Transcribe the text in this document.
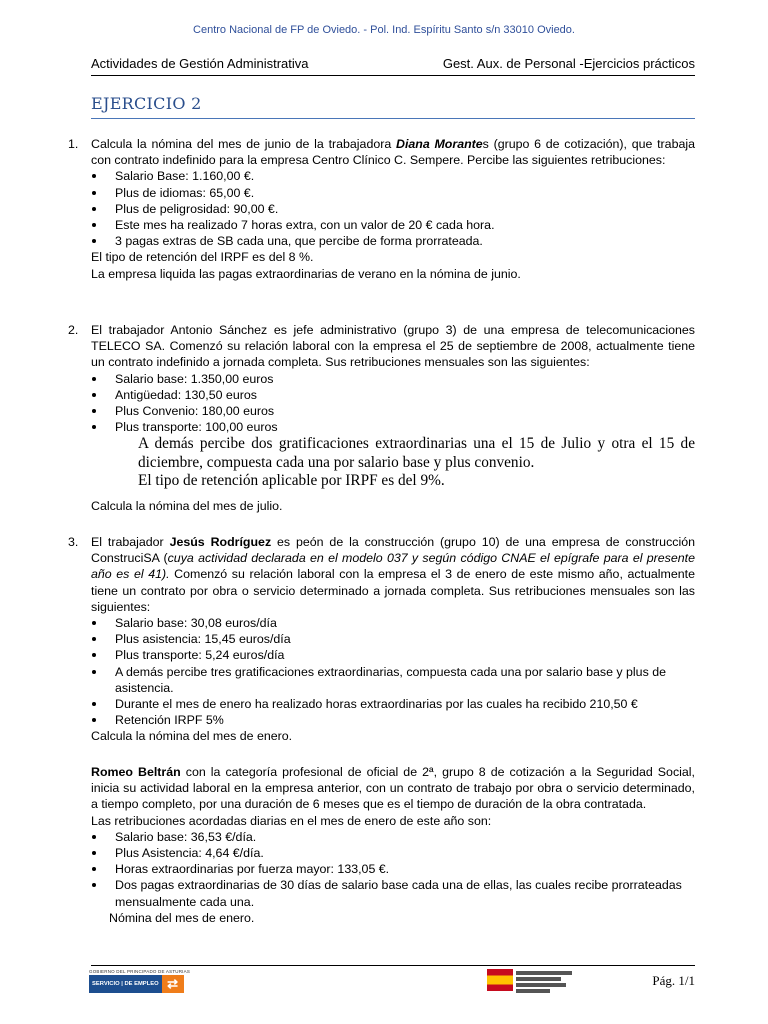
Centro Nacional de FP de Oviedo. - Pol. Ind. Espíritu Santo s/n 33010 Oviedo.
Actividades de Gestión Administrativa	Gest. Aux. de Personal -Ejercicios prácticos
EJERCICIO 2
1. Calcula la nómina del mes de junio de la trabajadora Diana Morantes (grupo 6 de cotización), que trabaja con contrato indefinido para la empresa Centro Clínico C. Sempere. Percibe las siguientes retribuciones:

Salario Base: 1.160,00 €.
Plus de idiomas: 65,00 €.
Plus de peligrosidad: 90,00 €.
Este mes ha realizado 7 horas extra, con un valor de 20 € cada hora.
3 pagas extras de SB cada una, que percibe de forma prorrateada.

El tipo de retención del IRPF es del 8 %.

La empresa liquida las pagas extraordinarias de verano en la nómina de junio.

2. El trabajador Antonio Sánchez es jefe administrativo (grupo 3) de una empresa de telecomunicaciones TELECO SA. Comenzó su relación laboral con la empresa el 25 de septiembre de 2008, actualmente tiene un contrato indefinido a jornada completa. Sus retribuciones mensuales son las siguientes:

Salario base: 1.350,00 euros
Antigüedad: 130,50 euros
Plus Convenio: 180,00 euros
Plus transporte: 100,00 euros
A demás percibe dos gratificaciones extraordinarias una el 15 de Julio y otra el 15 de diciembre, compuesta cada una por salario base y plus convenio.
El tipo de retención aplicable por IRPF es del 9%.

Calcula la nómina del mes de julio.

3. El trabajador Jesús Rodríguez es peón de la construcción (grupo 10) de una empresa de construcción ConstruciSA (cuya actividad declarada en el modelo 037 y según código CNAE el epígrafe para el presente año es el 41). Comenzó su relación laboral con la empresa el 3 de enero de este mismo año, actualmente tiene un contrato por obra o servicio determinado a jornada completa. Sus retribuciones mensuales son las siguientes:

Salario base: 30,08 euros/día
Plus asistencia: 15,45 euros/día
Plus transporte: 5,24 euros/día
A demás percibe tres gratificaciones extraordinarias, compuesta cada una por salario base y plus de asistencia.
Durante el mes de enero ha realizado horas extraordinarias por las cuales ha recibido 210,50 €
Retención IRPF 5%

Calcula la nómina del mes de enero.

Romeo Beltrán con la categoría profesional de oficial de 2ª, grupo 8 de cotización a la Seguridad Social, inicia su actividad laboral en la empresa anterior, con un contrato de trabajo por obra o servicio determinado, a tiempo completo, por una duración de 6 meses que es el tiempo de duración de la obra contratada.

Las retribuciones acordadas diarias en el mes de enero de este año son:

Salario base: 36,53 €/día.
Plus Asistencia: 4,64 €/día.
Horas extraordinarias por fuerza mayor: 133,05 €.
Dos pagas extraordinarias de 30 días de salario base cada una de ellas, las cuales recibe prorrateadas mensualmente cada una.

Nómina del mes de enero.

GOBIERNO DEL PRINCIPADO DE ASTURIAS
SERVICIO | DE EMPLEO ⇄	Pág. 1/1
